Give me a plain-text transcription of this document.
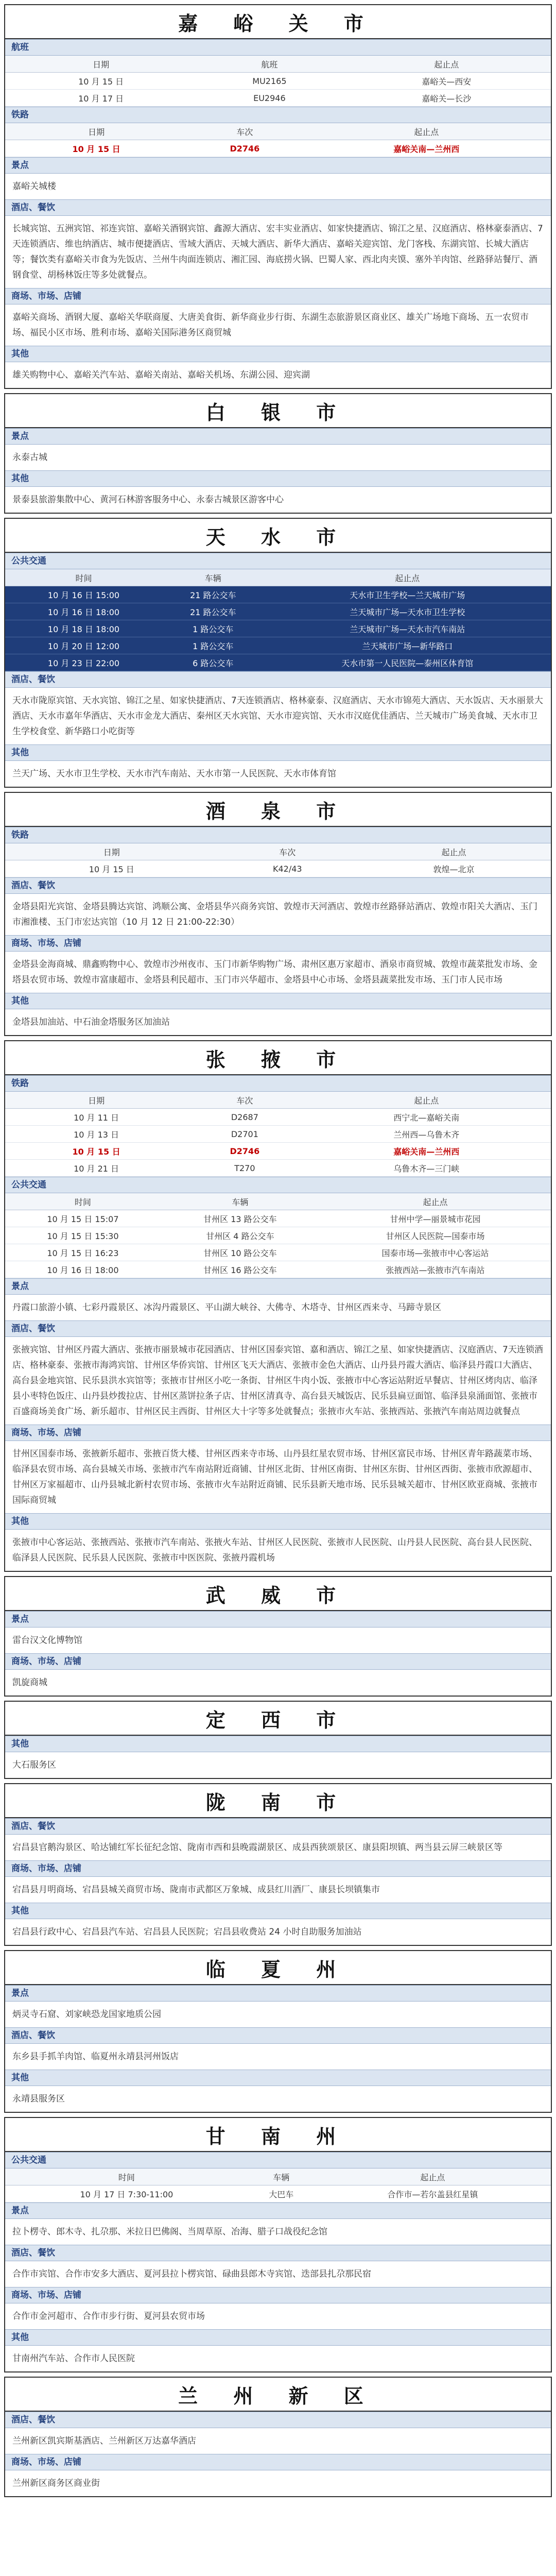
嘉 峪 关 市
航班
日期	航班	起止点
10 月 15 日	MU2165	嘉峪关—西安
10 月 17 日	EU2946	嘉峪关—长沙
铁路
日期	车次	起止点
10 月 15 日	D2746	嘉峪关南—兰州西
景点
嘉峪关城楼
酒店、餐饮
长城宾馆、五洲宾馆、祁连宾馆、嘉峪关酒钢宾馆、鑫源大酒店、宏丰实业酒店、如家快捷酒店、锦江之星、汉庭酒店、格林豪泰酒店、7天连锁酒店、维也纳酒店、城市便捷酒店、雪域大酒店、天城大酒店、新华大酒店、嘉峪关迎宾馆、龙门客栈、东湖宾馆、长城大酒店等；餐饮类有嘉峪关市食为先饭店、兰州牛肉面连锁店、湘汇园、海底捞火锅、巴蜀人家、西北肉夹馍、塞外羊肉馆、丝路驿站餐厅、酒钢食堂、胡杨林饭庄等多处就餐点。
商场、市场、店铺
嘉峪关商场、酒钢大厦、嘉峪关华联商厦、大唐美食街、新华商业步行街、东湖生态旅游景区商业区、雄关广场地下商场、五一农贸市场、福民小区市场、胜利市场、嘉峪关国际港务区商贸城
其他
雄关购物中心、嘉峪关汽车站、嘉峪关南站、嘉峪关机场、东湖公园、迎宾湖
白 银 市
景点
永泰古城
其他
景泰县旅游集散中心、黄河石林游客服务中心、永泰古城景区游客中心
天 水 市
公共交通
时间	车辆	起止点
10 月 16 日 15:00	21 路公交车	天水市卫生学校—兰天城市广场
10 月 16 日 18:00	21 路公交车	兰天城市广场—天水市卫生学校
10 月 18 日 18:00	1 路公交车	兰天城市广场—天水市汽车南站
10 月 20 日 12:00	1 路公交车	兰天城市广场—新华路口
10 月 23 日 22:00	6 路公交车	天水市第一人民医院—泰州区体育馆
酒店、餐饮
天水市陇原宾馆、天水宾馆、锦江之星、如家快捷酒店、7天连锁酒店、格林豪泰、汉庭酒店、天水市锦苑大酒店、天水饭店、天水丽景大酒店、天水市嘉年华酒店、天水市金龙大酒店、秦州区天水宾馆、天水市迎宾馆、天水市汉庭优佳酒店、兰天城市广场美食城、天水市卫生学校食堂、新华路口小吃街等
其他
兰天广场、天水市卫生学校、天水市汽车南站、天水市第一人民医院、天水市体育馆
酒 泉 市
铁路
日期	车次	起止点
10 月 15 日	K42/43	敦煌—北京
酒店、餐饮
金塔县阳光宾馆、金塔县腾达宾馆、鸿顺公寓、金塔县华兴商务宾馆、敦煌市天河酒店、敦煌市丝路驿站酒店、敦煌市阳关大酒店、玉门市湘淮楼、玉门市宏达宾馆（10 月 12 日 21:00-22:30）
商场、市场、店铺
金塔县金海商城、鼎鑫购物中心、敦煌市沙州夜市、玉门市新华购物广场、肃州区惠万家超市、酒泉市商贸城、敦煌市蔬菜批发市场、金塔县农贸市场、敦煌市富康超市、金塔县利民超市、玉门市兴华超市、金塔县中心市场、金塔县蔬菜批发市场、玉门市人民市场
其他
金塔县加油站、中石油金塔服务区加油站
张 掖 市
铁路
日期	车次	起止点
10 月 11 日	D2687	西宁北—嘉峪关南
10 月 13 日	D2701	兰州西—乌鲁木齐
10 月 15 日	D2746	嘉峪关南—兰州西
10 月 21 日	T270	乌鲁木齐—三门峡
公共交通
时间	车辆	起止点
10 月 15 日 15:07	甘州区 13 路公交车	甘州中学—丽景城市花园
10 月 15 日 15:30	甘州区 4 路公交车	甘州区人民医院—国泰市场
10 月 15 日 16:23	甘州区 10 路公交车	国泰市场—张掖市中心客运站
10 月 16 日 18:00	甘州区 16 路公交车	张掖西站—张掖市汽车南站
景点
丹霞口旅游小镇、七彩丹霞景区、冰沟丹霞景区、平山湖大峡谷、大佛寺、木塔寺、甘州区西来寺、马蹄寺景区
酒店、餐饮
张掖宾馆、甘州区丹霞大酒店、张掖市丽景城市花园酒店、甘州区国泰宾馆、嘉和酒店、锦江之星、如家快捷酒店、汉庭酒店、7天连锁酒店、格林豪泰、张掖市海鸿宾馆、甘州区华侨宾馆、甘州区飞天大酒店、张掖市金色大酒店、山丹县丹霞大酒店、临泽县丹霞口大酒店、高台县金地宾馆、民乐县洪水宾馆等；张掖市甘州区小吃一条街、甘州区牛肉小饭、张掖市中心客运站附近早餐店、甘州区烤肉店、临泽县小枣特色饭庄、山丹县炒拨拉店、甘州区蒸饼拉条子店、甘州区清真寺、高台县天城饭店、民乐县扁豆面馆、临泽县泉涌面馆、张掖市百盛商场美食广场、新乐超市、甘州区民主西街、甘州区大十字等多处就餐点；张掖市火车站、张掖西站、张掖汽车南站周边就餐点
商场、市场、店铺
甘州区国泰市场、张掖新乐超市、张掖百货大楼、甘州区西来寺市场、山丹县红星农贸市场、甘州区富民市场、甘州区青年路蔬菜市场、临泽县农贸市场、高台县城关市场、张掖市汽车南站附近商铺、甘州区北街、甘州区南街、甘州区东街、甘州区西街、张掖市欣源超市、甘州区万家福超市、山丹县城北新村农贸市场、张掖市火车站附近商铺、民乐县新天地市场、民乐县城关超市、甘州区欧亚商城、张掖市国际商贸城
其他
张掖市中心客运站、张掖西站、张掖市汽车南站、张掖火车站、甘州区人民医院、张掖市人民医院、山丹县人民医院、高台县人民医院、临泽县人民医院、民乐县人民医院、张掖市中医医院、张掖丹霞机场
武 威 市
景点
雷台汉文化博物馆
商场、市场、店铺
凯旋商城
定 西 市
其他
大石服务区
陇 南 市
酒店、餐饮
宕昌县官鹅沟景区、哈达铺红军长征纪念馆、陇南市西和县晚霞湖景区、成县西狭颂景区、康县阳坝镇、两当县云屏三峡景区等
商场、市场、店铺
宕昌县月明商场、宕昌县城关商贸市场、陇南市武都区万象城、成县红川酒厂、康县长坝镇集市
其他
宕昌县行政中心、宕昌县汽车站、宕昌县人民医院；宕昌县收费站 24 小时自助服务加油站
临 夏 州
景点
炳灵寺石窟、刘家峡恐龙国家地质公园
酒店、餐饮
东乡县手抓羊肉馆、临夏州永靖县河州饭店
其他
永靖县服务区
甘 南 州
公共交通
时间	车辆	起止点
10 月 17 日 7:30-11:00	大巴车	合作市—若尔盖县红星镇
景点
拉卜楞寺、郎木寺、扎尕那、米拉日巴佛阁、当周草原、冶海、腊子口战役纪念馆
酒店、餐饮
合作市宾馆、合作市安多大酒店、夏河县拉卜楞宾馆、碌曲县郎木寺宾馆、迭部县扎尕那民宿
商场、市场、店铺
合作市金河超市、合作市步行街、夏河县农贸市场
其他
甘南州汽车站、合作市人民医院
兰 州 新 区
酒店、餐饮
兰州新区凯宾斯基酒店、兰州新区万达嘉华酒店
商场、市场、店铺
兰州新区商务区商业街
